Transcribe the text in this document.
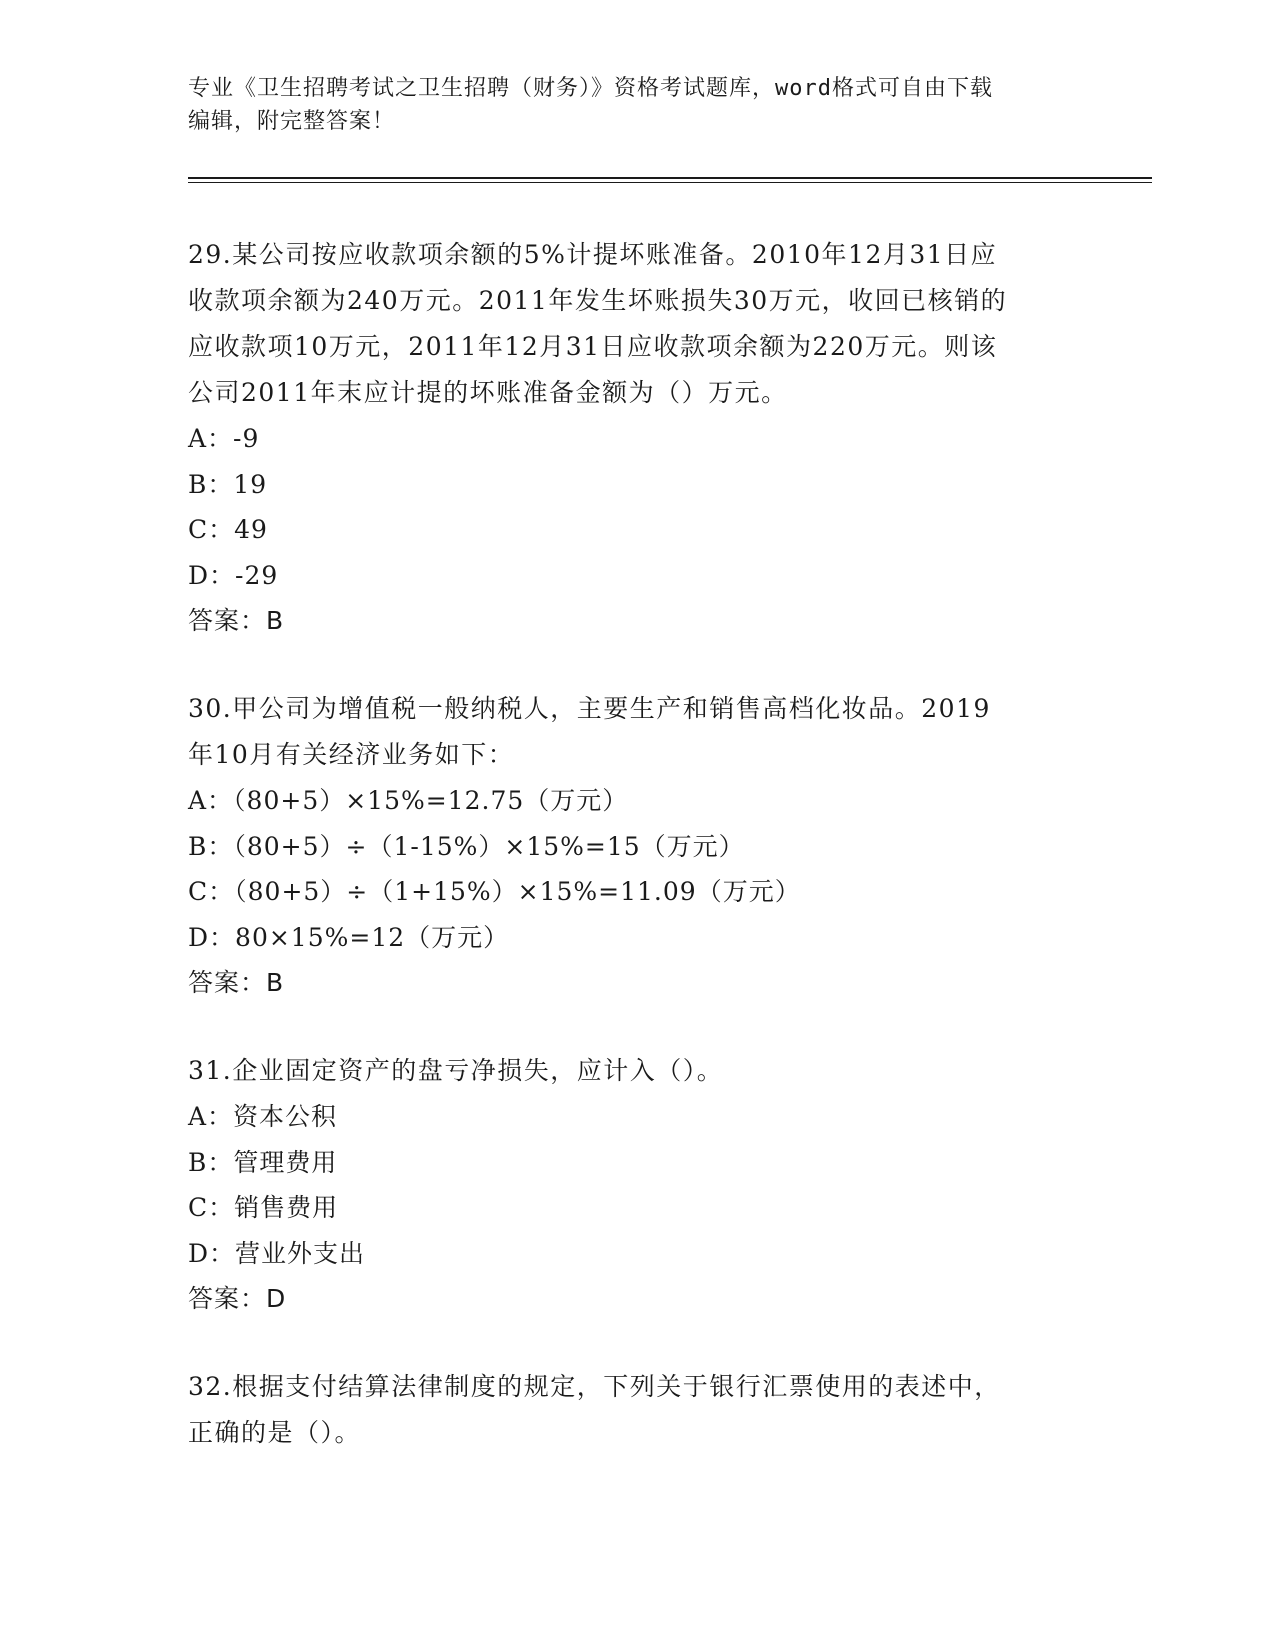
专业《卫生招聘考试之卫生招聘（财务）》资格考试题库，word格式可自由下载
编辑，附完整答案！
29.某公司按应收款项余额的5%计提坏账准备。2010年12月31日应
收款项余额为240万元。2011年发生坏账损失30万元，收回已核销的
应收款项10万元，2011年12月31日应收款项余额为220万元。则该
公司2011年末应计提的坏账准备金额为（）万元。
A：-9
B：19
C：49
D：-29
答案：B
30.甲公司为增值税一般纳税人，主要生产和销售高档化妆品。2019
年10月有关经济业务如下：
A：（80+5）×15%=12.75（万元）
B：（80+5）÷（1-15%）×15%=15（万元）
C：（80+5）÷（1+15%）×15%=11.09（万元）
D：80×15%=12（万元）
答案：B
31.企业固定资产的盘亏净损失，应计入（）。
A：资本公积
B：管理费用
C：销售费用
D：营业外支出
答案：D
32.根据支付结算法律制度的规定，下列关于银行汇票使用的表述中，
正确的是（）。
